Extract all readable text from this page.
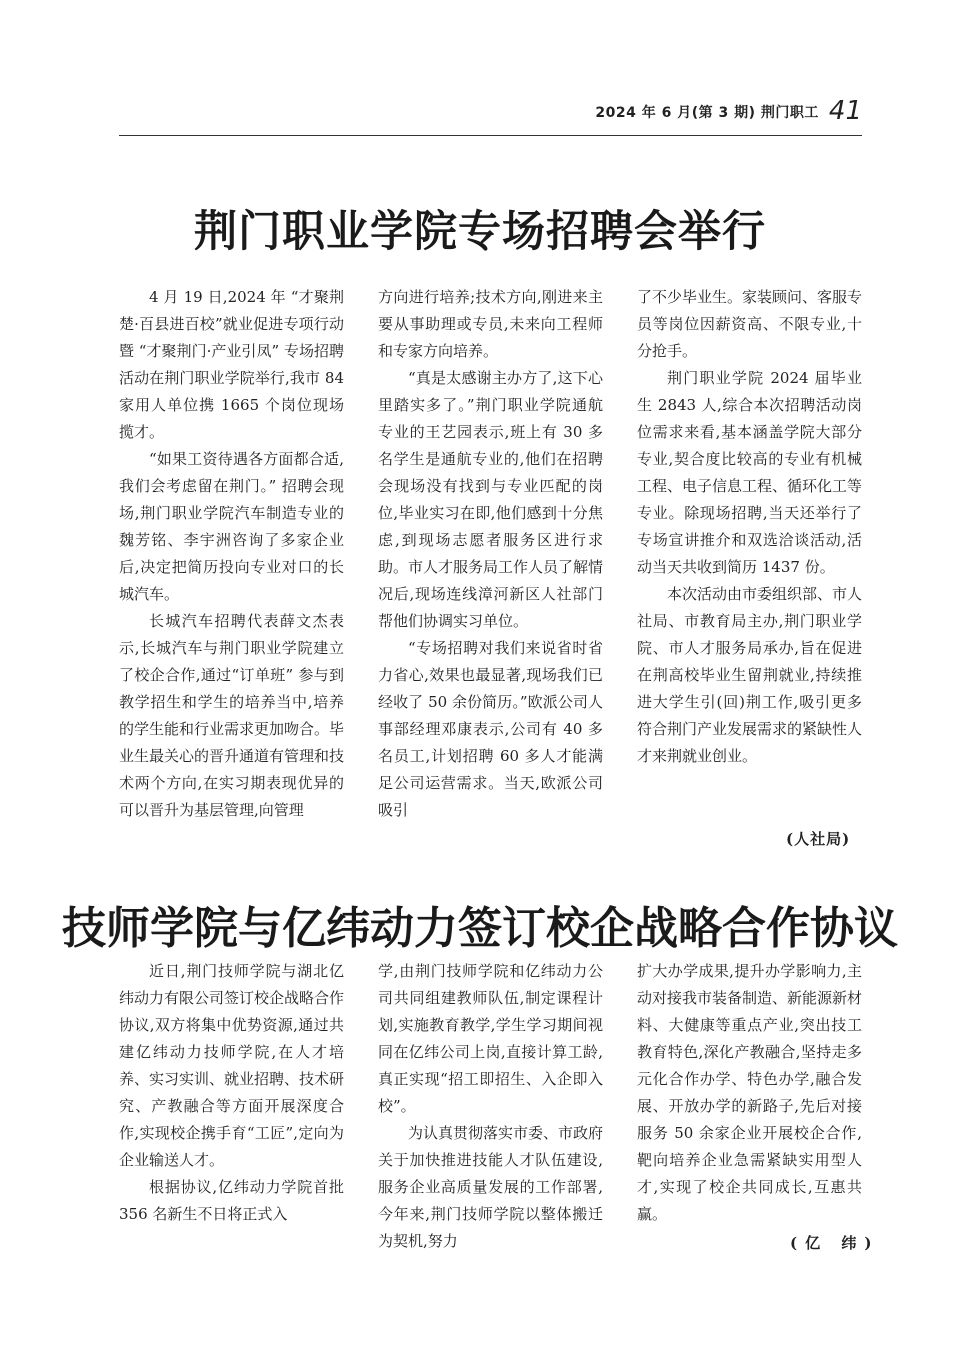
2024 年 6 月(第 3 期) 荆门职工 41
荆门职业学院专场招聘会举行

4 月 19 日,2024 年 “才聚荆楚·百县进百校”就业促进专项行动暨 “才聚荆门·产业引凤” 专场招聘活动在荆门职业学院举行,我市 84 家用人单位携 1665 个岗位现场揽才。

“如果工资待遇各方面都合适,我们会考虑留在荆门。” 招聘会现场,荆门职业学院汽车制造专业的魏芳铭、李宇洲咨询了多家企业后,决定把简历投向专业对口的长城汽车。

长城汽车招聘代表薛文杰表示,长城汽车与荆门职业学院建立了校企合作,通过“订单班” 参与到教学招生和学生的培养当中,培养的学生能和行业需求更加吻合。毕业生最关心的晋升通道有管理和技术两个方向,在实习期表现优异的可以晋升为基层管理,向管理

方向进行培养;技术方向,刚进来主要从事助理或专员,未来向工程师和专家方向培养。

“真是太感谢主办方了,这下心里踏实多了。”荆门职业学院通航专业的王艺园表示,班上有 30 多名学生是通航专业的,他们在招聘会现场没有找到与专业匹配的岗位,毕业实习在即,他们感到十分焦虑,到现场志愿者服务区进行求助。市人才服务局工作人员了解情况后,现场连线漳河新区人社部门帮他们协调实习单位。

“专场招聘对我们来说省时省力省心,效果也最显著,现场我们已经收了 50 余份简历。”欧派公司人事部经理邓康表示,公司有 40 多名员工,计划招聘 60 多人才能满足公司运营需求。当天,欧派公司吸引

了不少毕业生。家装顾问、客服专员等岗位因薪资高、不限专业,十分抢手。

荆门职业学院 2024 届毕业生 2843 人,综合本次招聘活动岗位需求来看,基本涵盖学院大部分专业,契合度比较高的专业有机械工程、电子信息工程、循环化工等专业。除现场招聘,当天还举行了专场宣讲推介和双选洽谈活动,活动当天共收到简历 1437 份。

本次活动由市委组织部、市人社局、市教育局主办,荆门职业学院、市人才服务局承办,旨在促进在荆高校毕业生留荆就业,持续推进大学生引(回)荆工作,吸引更多符合荆门产业发展需求的紧缺性人才来荆就业创业。

(人社局)
技师学院与亿纬动力签订校企战略合作协议

近日,荆门技师学院与湖北亿纬动力有限公司签订校企战略合作协议,双方将集中优势资源,通过共建亿纬动力技师学院,在人才培养、实习实训、就业招聘、技术研究、产教融合等方面开展深度合作,实现校企携手育“工匠”,定向为企业输送人才。

根据协议,亿纬动力学院首批 356 名新生不日将正式入

学,由荆门技师学院和亿纬动力公司共同组建教师队伍,制定课程计划,实施教育教学,学生学习期间视同在亿纬公司上岗,直接计算工龄,真正实现“招工即招生、入企即入校”。

为认真贯彻落实市委、市政府关于加快推进技能人才队伍建设,服务企业高质量发展的工作部署,今年来,荆门技师学院以整体搬迁为契机,努力

扩大办学成果,提升办学影响力,主动对接我市装备制造、新能源新材料、大健康等重点产业,突出技工教育特色,深化产教融合,坚持走多元化合作办学、特色办学,融合发展、开放办学的新路子,先后对接服务 50 余家企业开展校企合作,靶向培养企业急需紧缺实用型人才,实现了校企共同成长,互惠共赢。

(亿 纬)
